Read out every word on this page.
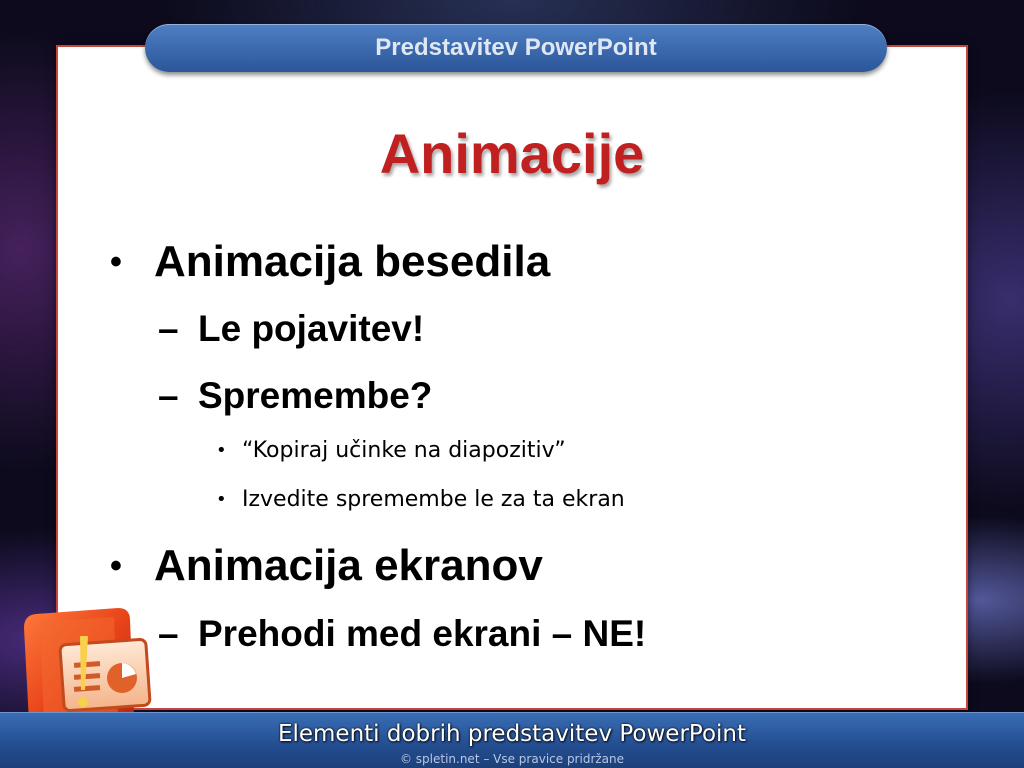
Predstavitev PowerPoint
Animacije
• Animacija besedila
– Le pojavitev!
– Spremembe?
• “Kopiraj učinke na diapozitiv”
• Izvedite spremembe le za ta ekran
• Animacija ekranov
– Prehodi med ekrani – NE!
Elementi dobrih predstavitev PowerPoint
© spletin.net – Vse pravice pridržane
